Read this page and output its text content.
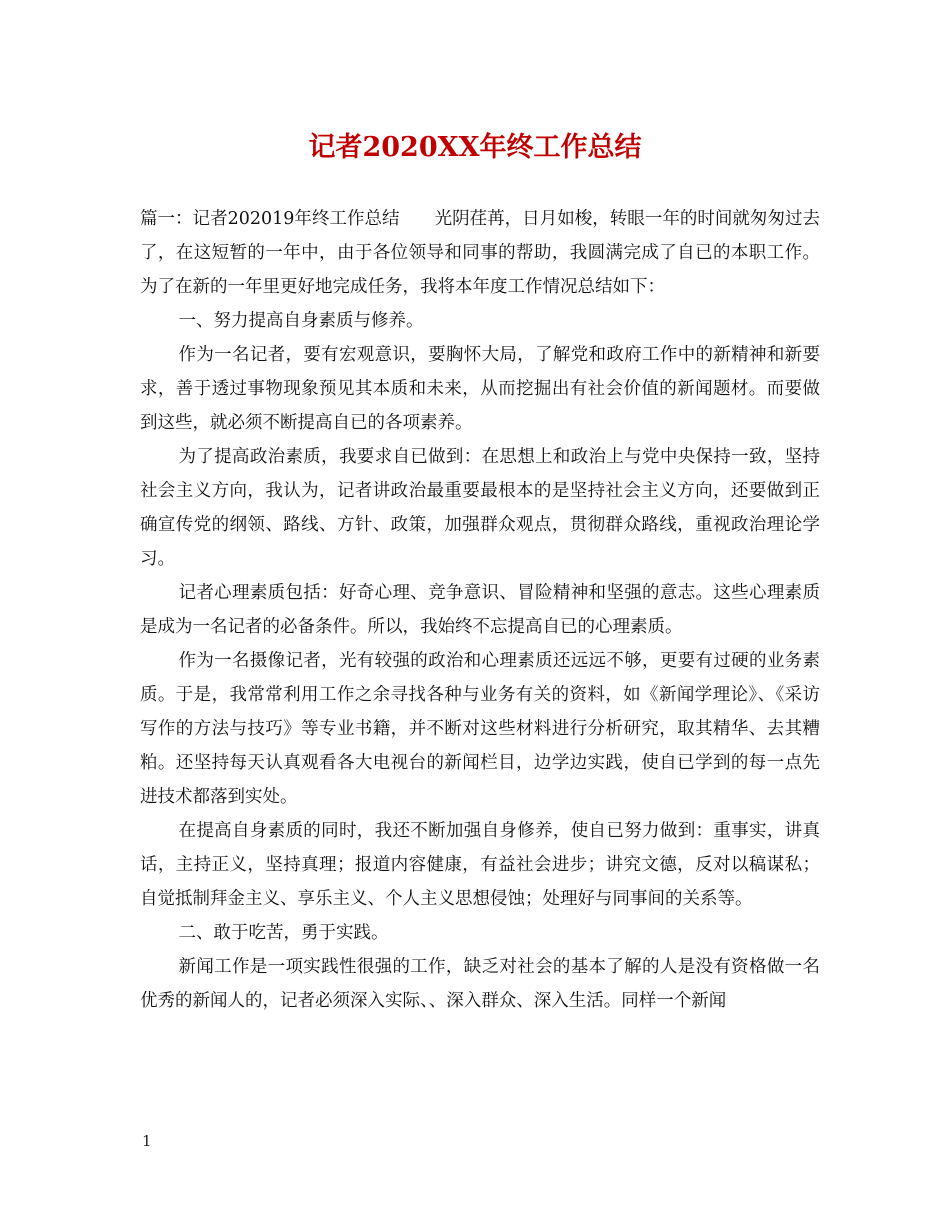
记者2020XX年终工作总结

篇一：记者202019年终工作总结　　光阴荏苒，日月如梭，转眼一年的时间就匆匆过去了，在这短暂的一年中，由于各位领导和同事的帮助，我圆满完成了自已的本职工作。为了在新的一年里更好地完成任务，我将本年度工作情况总结如下：

一、努力提高自身素质与修养。

作为一名记者，要有宏观意识，要胸怀大局，了解党和政府工作中的新精神和新要求，善于透过事物现象预见其本质和未来，从而挖掘出有社会价值的新闻题材。而要做到这些，就必须不断提高自已的各项素养。

为了提高政治素质，我要求自已做到：在思想上和政治上与党中央保持一致，坚持社会主义方向，我认为，记者讲政治最重要最根本的是坚持社会主义方向，还要做到正确宣传党的纲领、路线、方针、政策，加强群众观点，贯彻群众路线，重视政治理论学习。

记者心理素质包括：好奇心理、竞争意识、冒险精神和坚强的意志。这些心理素质是成为一名记者的必备条件。所以，我始终不忘提高自已的心理素质。

作为一名摄像记者，光有较强的政治和心理素质还远远不够，更要有过硬的业务素质。于是，我常常利用工作之余寻找各种与业务有关的资料，如《新闻学理论》、《采访写作的方法与技巧》等专业书籍，并不断对这些材料进行分析研究，取其精华、去其糟粕。还坚持每天认真观看各大电视台的新闻栏目，边学边实践，使自已学到的每一点先进技术都落到实处。

在提高自身素质的同时，我还不断加强自身修养，使自已努力做到：重事实，讲真话，主持正义，坚持真理；报道内容健康，有益社会进步；讲究文德，反对以稿谋私；自觉抵制拜金主义、享乐主义、个人主义思想侵蚀；处理好与同事间的关系等。

二、敢于吃苦，勇于实践。

新闻工作是一项实践性很强的工作，缺乏对社会的基本了解的人是没有资格做一名优秀的新闻人的，记者必须深入实际、、深入群众、深入生活。同样一个新闻

1
